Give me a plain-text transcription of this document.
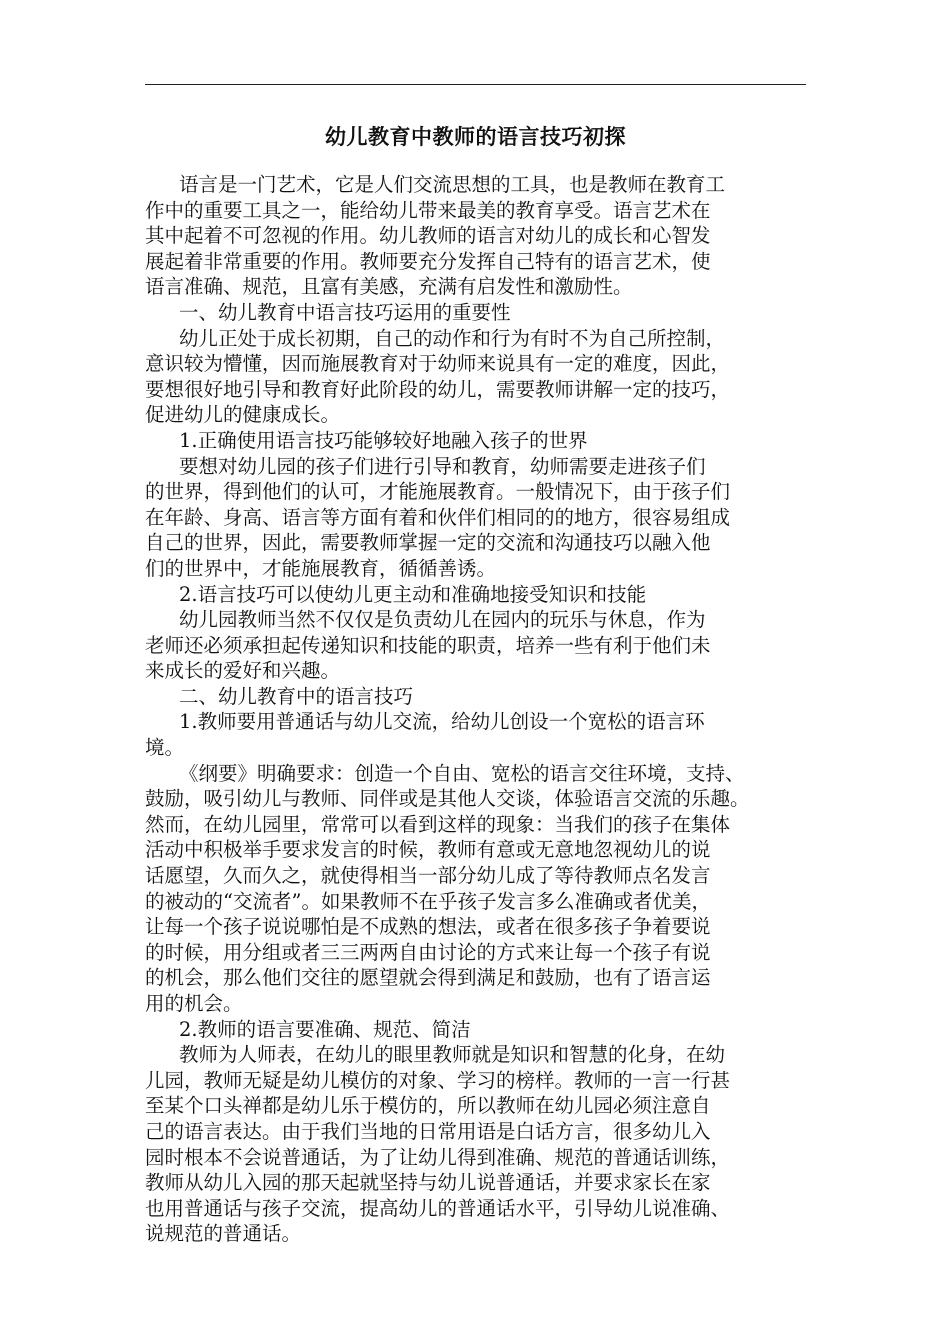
幼儿教育中教师的语言技巧初探
语言是一门艺术，它是人们交流思想的工具，也是教师在教育工
作中的重要工具之一，能给幼儿带来最美的教育享受。语言艺术在
其中起着不可忽视的作用。幼儿教师的语言对幼儿的成长和心智发
展起着非常重要的作用。教师要充分发挥自己特有的语言艺术，使
语言准确、规范，且富有美感，充满有启发性和激励性。
一、幼儿教育中语言技巧运用的重要性
幼儿正处于成长初期，自己的动作和行为有时不为自己所控制，
意识较为懵懂，因而施展教育对于幼师来说具有一定的难度，因此，
要想很好地引导和教育好此阶段的幼儿，需要教师讲解一定的技巧，
促进幼儿的健康成长。
1.正确使用语言技巧能够较好地融入孩子的世界
要想对幼儿园的孩子们进行引导和教育，幼师需要走进孩子们
的世界，得到他们的认可，才能施展教育。一般情况下，由于孩子们
在年龄、身高、语言等方面有着和伙伴们相同的的地方，很容易组成
自己的世界，因此，需要教师掌握一定的交流和沟通技巧以融入他
们的世界中，才能施展教育，循循善诱。
2.语言技巧可以使幼儿更主动和准确地接受知识和技能
幼儿园教师当然不仅仅是负责幼儿在园内的玩乐与休息，作为
老师还必须承担起传递知识和技能的职责，培养一些有利于他们未
来成长的爱好和兴趣。
二、幼儿教育中的语言技巧
1.教师要用普通话与幼儿交流，给幼儿创设一个宽松的语言环
境。
《纲要》明确要求：创造一个自由、宽松的语言交往环境，支持、
鼓励，吸引幼儿与教师、同伴或是其他人交谈，体验语言交流的乐趣。
然而，在幼儿园里，常常可以看到这样的现象：当我们的孩子在集体
活动中积极举手要求发言的时候，教师有意或无意地忽视幼儿的说
话愿望，久而久之，就使得相当一部分幼儿成了等待教师点名发言
的被动的“交流者”。如果教师不在乎孩子发言多么准确或者优美，
让每一个孩子说说哪怕是不成熟的想法，或者在很多孩子争着要说
的时候，用分组或者三三两两自由讨论的方式来让每一个孩子有说
的机会，那么他们交往的愿望就会得到满足和鼓励，也有了语言运
用的机会。
2.教师的语言要准确、规范、简洁
教师为人师表，在幼儿的眼里教师就是知识和智慧的化身，在幼
儿园，教师无疑是幼儿模仿的对象、学习的榜样。教师的一言一行甚
至某个口头禅都是幼儿乐于模仿的，所以教师在幼儿园必须注意自
己的语言表达。由于我们当地的日常用语是白话方言，很多幼儿入
园时根本不会说普通话，为了让幼儿得到准确、规范的普通话训练，
教师从幼儿入园的那天起就坚持与幼儿说普通话，并要求家长在家
也用普通话与孩子交流，提高幼儿的普通话水平，引导幼儿说准确、
说规范的普通话。
